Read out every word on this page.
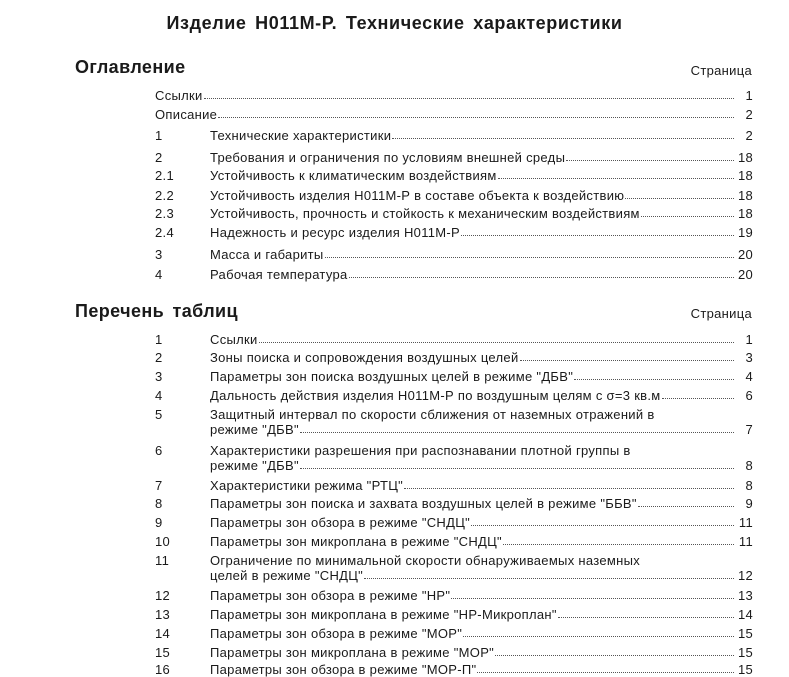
Изделие Н011М-Р. Технические характеристики
Оглавление	Страница
Ссылки	1
Описание	2
1	Технические характеристики	2
2	Требования и ограничения по условиям внешней среды	18
2.1	Устойчивость к климатическим воздействиям	18
2.2	Устойчивость изделия Н011М-Р в составе объекта к воздействию	18
2.3	Устойчивость, прочность и стойкость к механическим воздействиям	18
2.4	Надежность и ресурс изделия Н011М-Р	19
3	Масса и габариты	20
4	Рабочая температура	20
Перечень таблиц	Страница
1	Ссылки	1
2	Зоны поиска и сопровождения воздушных целей	3
3	Параметры зон поиска воздушных целей в режиме "ДБВ"	4
4	Дальность действия изделия Н011М-Р по воздушным целям с σ=3 кв.м	6
5	Защитный интервал по скорости сближения от наземных отражений в
режиме "ДБВ"	7
6	Характеристики разрешения при распознавании плотной группы в
режиме "ДБВ"	8
7	Характеристики режима "РТЦ"	8
8	Параметры зон поиска и захвата воздушных целей в режиме "ББВ"	9
9	Параметры зон обзора в режиме "СНДЦ"	11
10	Параметры зон микроплана в режиме "СНДЦ"	11
11	Ограничение по минимальной скорости обнаруживаемых наземных
целей в режиме "СНДЦ"	12
12	Параметры зон обзора в режиме "НР"	13
13	Параметры зон микроплана в режиме "НР-Микроплан"	14
14	Параметры зон обзора в режиме "МОР"	15
15	Параметры зон микроплана в режиме "МОР"	15
16	Параметры зон обзора в режиме "МОР-П"	15
